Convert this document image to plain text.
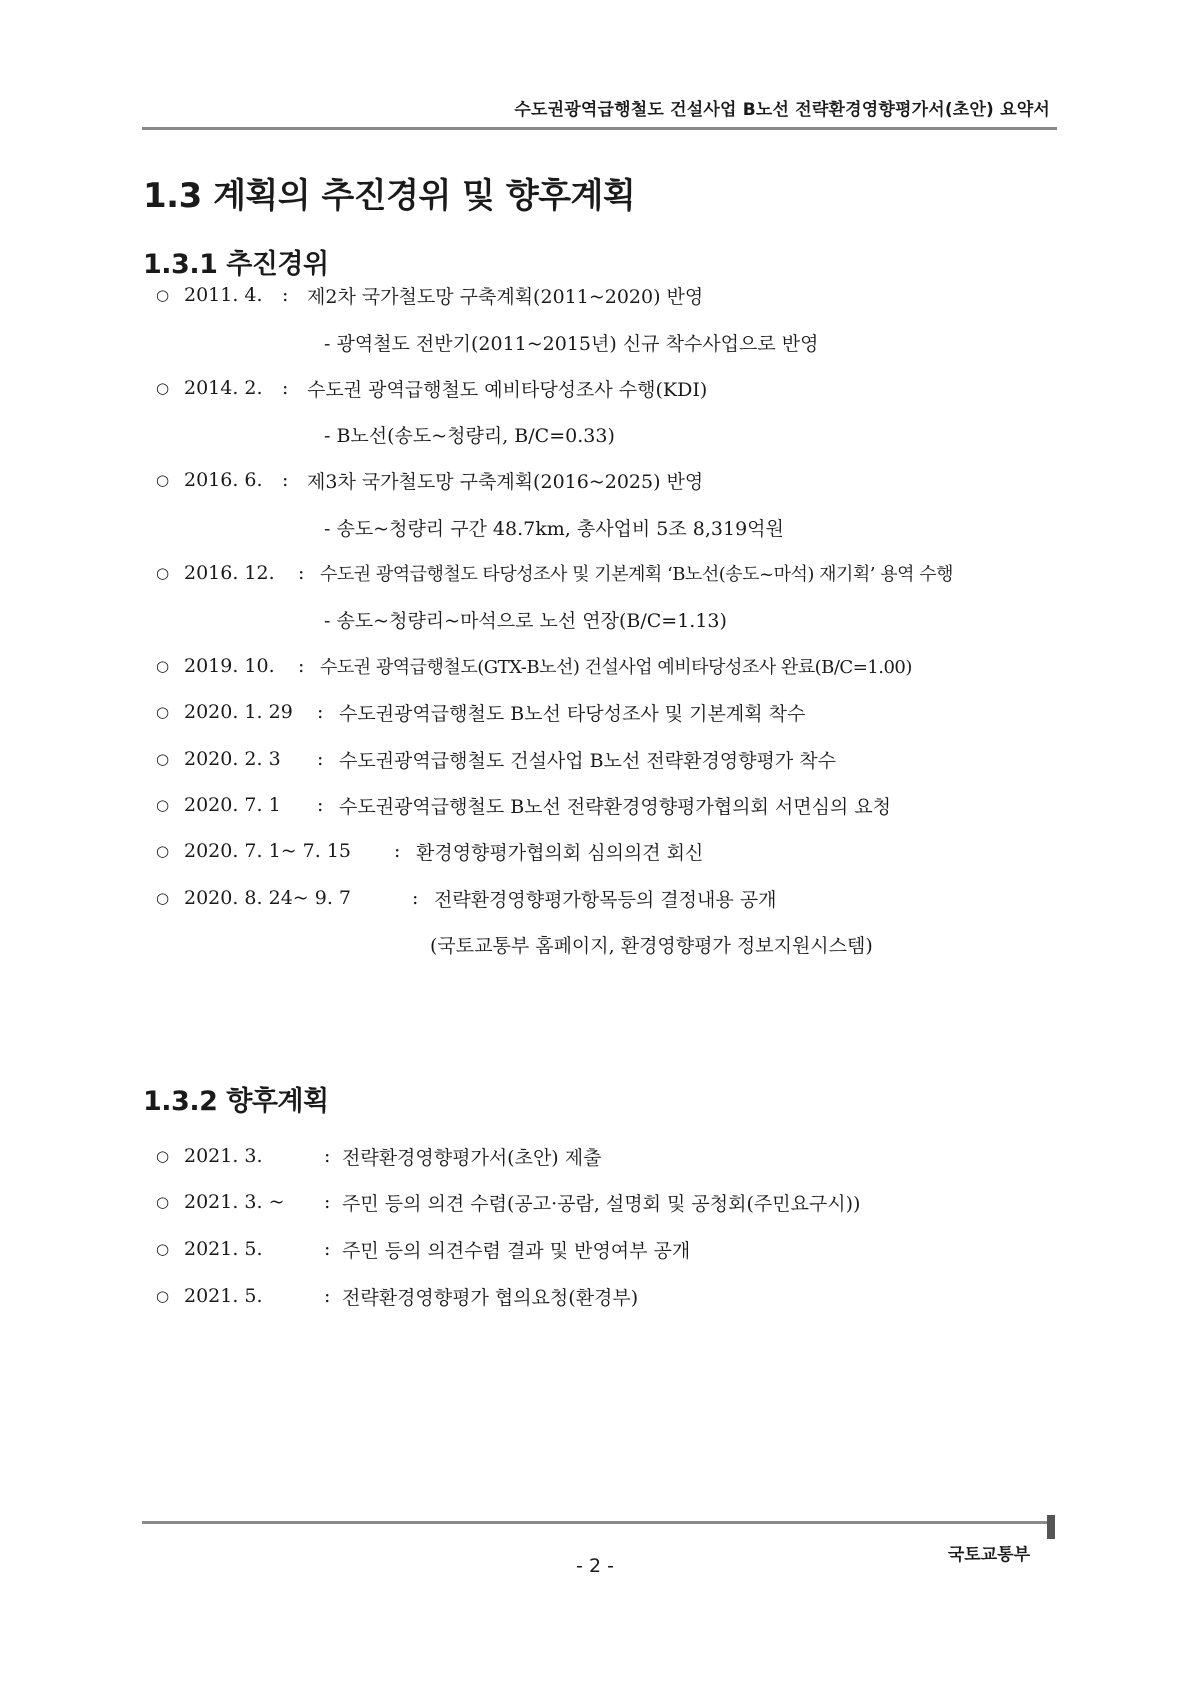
수도권광역급행철도 건설사업 B노선 전략환경영향평가서(초안) 요약서
1.3 계획의 추진경위 및 향후계획
1.3.1 추진경위
○ 2011. 4.	: 제2차 국가철도망 구축계획(2011~2020) 반영
- 광역철도 전반기(2011~2015년) 신규 착수사업으로 반영
○ 2014. 2.	: 수도권 광역급행철도 예비타당성조사 수행(KDI)
- B노선(송도~청량리, B/C=0.33)
○ 2016. 6.	: 제3차 국가철도망 구축계획(2016~2025) 반영
- 송도~청량리 구간 48.7km, 총사업비 5조 8,319억원
○ 2016. 12.	: 수도권 광역급행철도 타당성조사 및 기본계획 ‘B노선(송도~마석) 재기획’ 용역 수행
- 송도~청량리~마석으로 노선 연장(B/C=1.13)
○ 2019. 10.	: 수도권 광역급행철도(GTX-B노선) 건설사업 예비타당성조사 완료(B/C=1.00)
○ 2020. 1. 29	: 수도권광역급행철도 B노선 타당성조사 및 기본계획 착수
○ 2020. 2. 3	: 수도권광역급행철도 건설사업 B노선 전략환경영향평가 착수
○ 2020. 7. 1	: 수도권광역급행철도 B노선 전략환경영향평가협의회 서면심의 요청
○ 2020. 7. 1~ 7. 15	: 환경영향평가협의회 심의의견 회신
○ 2020. 8. 24~ 9. 7	: 전략환경영향평가항목등의 결정내용 공개
(국토교통부 홈페이지, 환경영향평가 정보지원시스템)
1.3.2 향후계획
○ 2021. 3.	: 전략환경영향평가서(초안) 제출
○ 2021. 3. ~	: 주민 등의 의견 수렴(공고·공람, 설명회 및 공청회(주민요구시))
○ 2021. 5.	: 주민 등의 의견수렴 결과 및 반영여부 공개
○ 2021. 5.	: 전략환경영향평가 협의요청(환경부)
국토교통부
- 2 -
